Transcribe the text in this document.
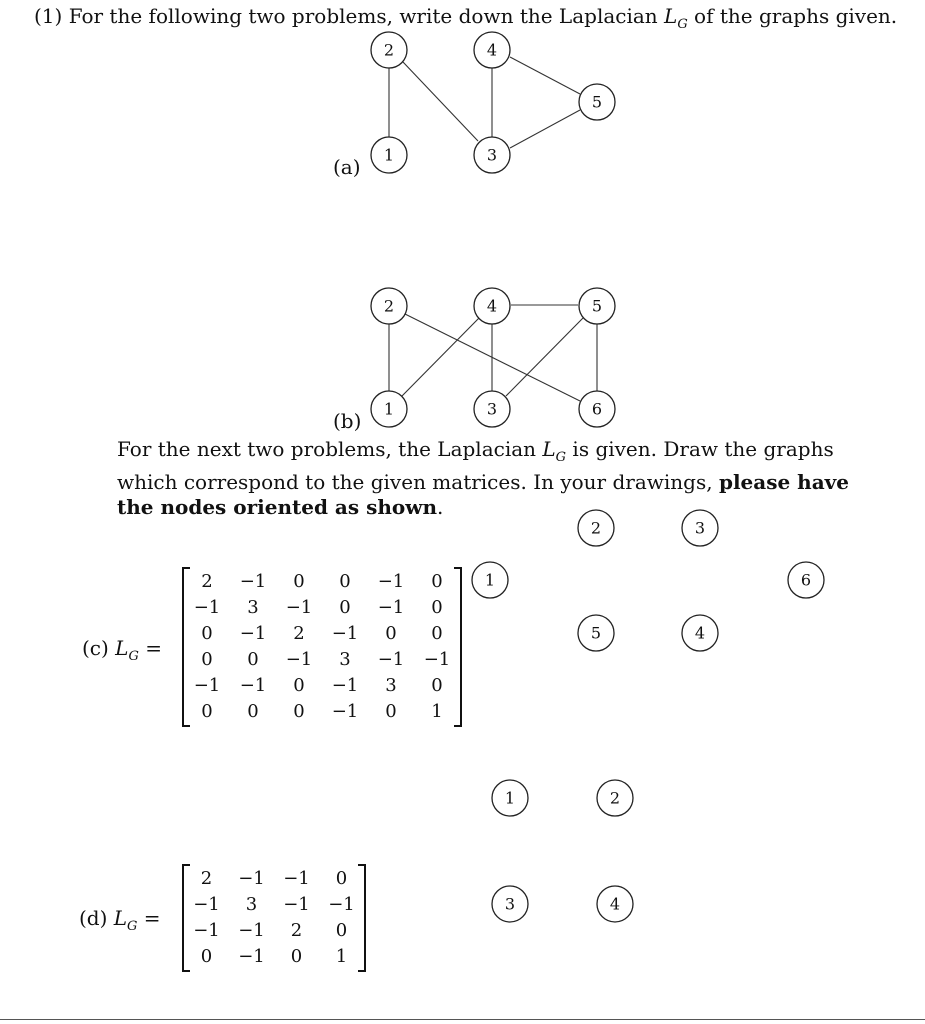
(1) For the following two problems, write down the Laplacian $L_G$ of the graphs given.
2	4
5
1	3
2	4	5
1	3	6
2	3
1	6
5	4
1	2
3	4
(a)
(b)
For the next two problems, the Laplacian $L_G$ is given. Draw the graphs which correspond to the given matrices. In your drawings, please have the nodes oriented as shown.
(c) $L_G$ =
2	−1	0	0	−1	0
−1	3	−1	0	−1	0
0	−1	2	−1	0	0
0	0	−1	3	−1	−1
−1	−1	0	−1	3	0
0	0	0	−1	0	1
(d) $L_G$ =
2	−1	−1	0
−1	3	−1	−1
−1	−1	2	0
0	−1	0	1
